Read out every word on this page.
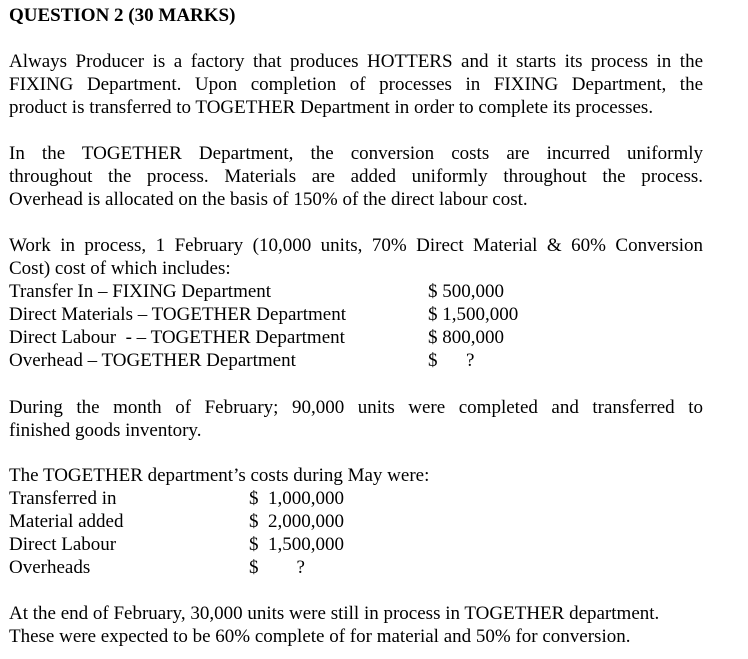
QUESTION 2 (30 MARKS)
Always Producer is a factory that produces HOTTERS and it starts its process in the
FIXING Department. Upon completion of processes in FIXING Department, the
product is transferred to TOGETHER Department in order to complete its processes.
In the TOGETHER Department, the conversion costs are incurred uniformly
throughout the process. Materials are added uniformly throughout the process.
Overhead is allocated on the basis of 150% of the direct labour cost.
Work in process, 1 February (10,000 units, 70% Direct Material & 60% Conversion
Cost) cost of which includes:
Transfer In – FIXING Department	$ 500,000
Direct Materials – TOGETHER Department	$ 1,500,000
Direct Labour  - – TOGETHER Department	$ 800,000
Overhead – TOGETHER Department	$      ?
During the month of February; 90,000 units were completed and transferred to
finished goods inventory.
The TOGETHER department’s costs during May were:
Transferred in	$  1,000,000
Material added	$  2,000,000
Direct Labour	$  1,500,000
Overheads	$        ?
At the end of February, 30,000 units were still in process in TOGETHER department.
These were expected to be 60% complete of for material and 50% for conversion.
